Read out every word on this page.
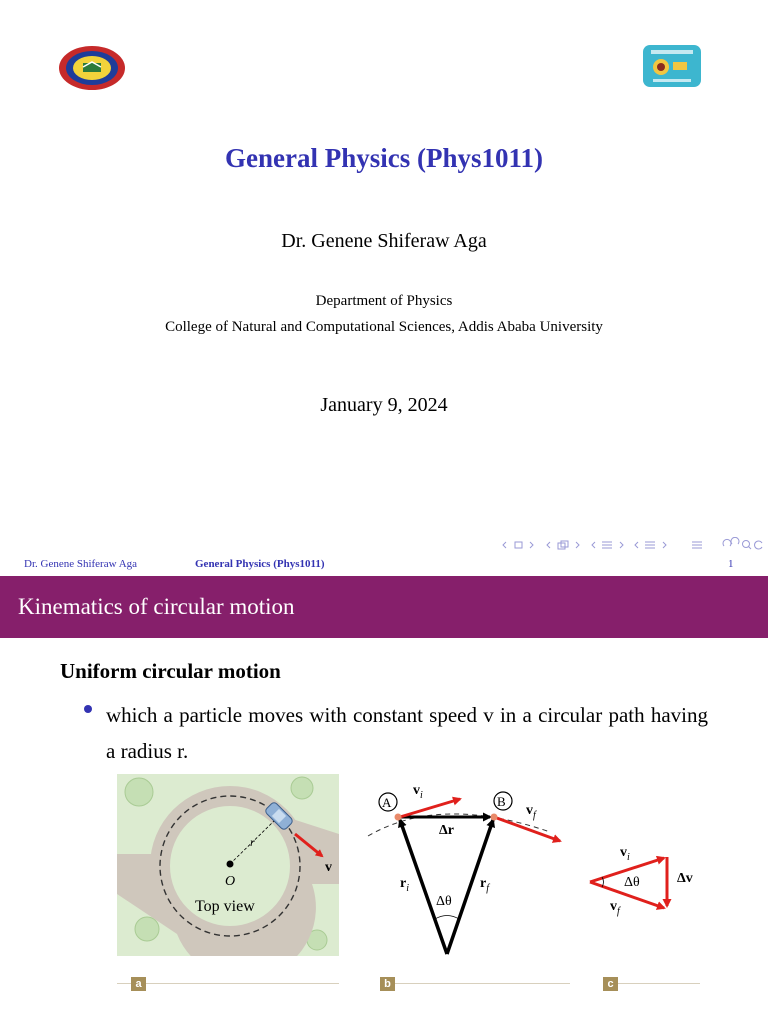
General Physics (Phys1011)
Dr. Genene Shiferaw Aga
Department of Physics
College of Natural and Computational Sciences, Addis Ababa University
January 9, 2024
Dr. Genene Shiferaw Aga	General Physics (Phys1011)	1
Kinematics of circular motion
Uniform circular motion
which a particle moves with constant speed v in a circular path having a radius r.
O
r
v
Top view
A	B
$v_i$
$v_f$
Δr
$r_i$	$r_f$
Δθ
$v_i$
$v_f$
Δθ	Δv
a	b	c
